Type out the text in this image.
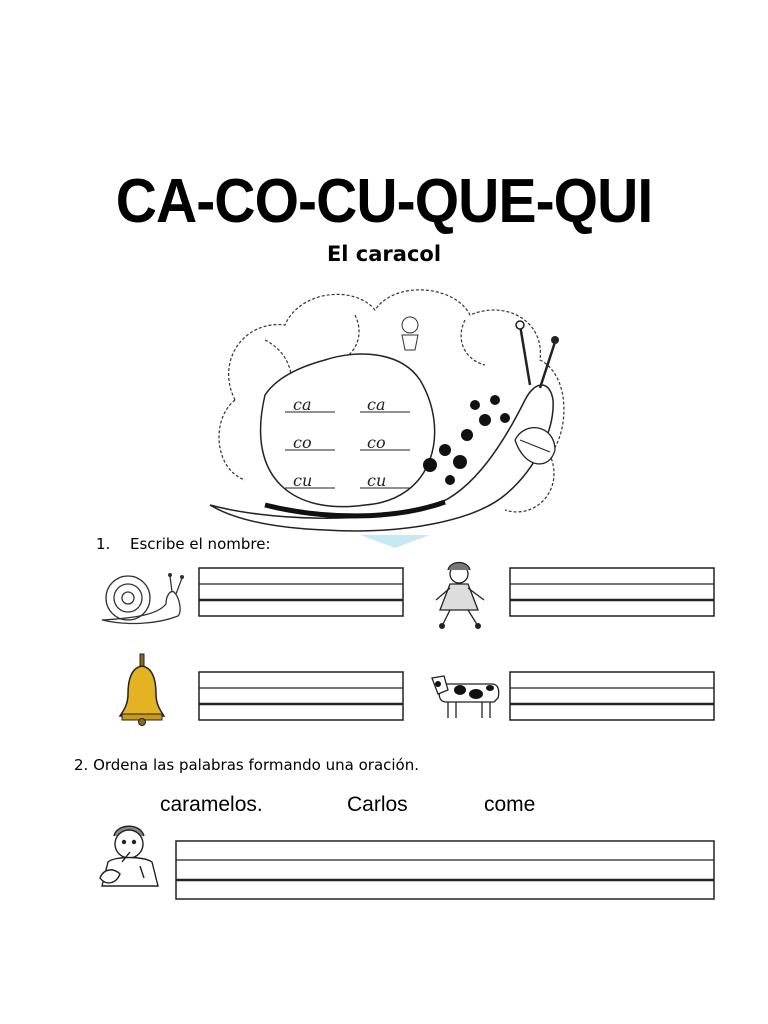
CA-CO-CU-QUE-QUI
El caracol
ca	ca
co	co
cu	cu
1. Escribe el nombre:
2. Ordena las palabras formando una oración.
caramelos.	Carlos	come
